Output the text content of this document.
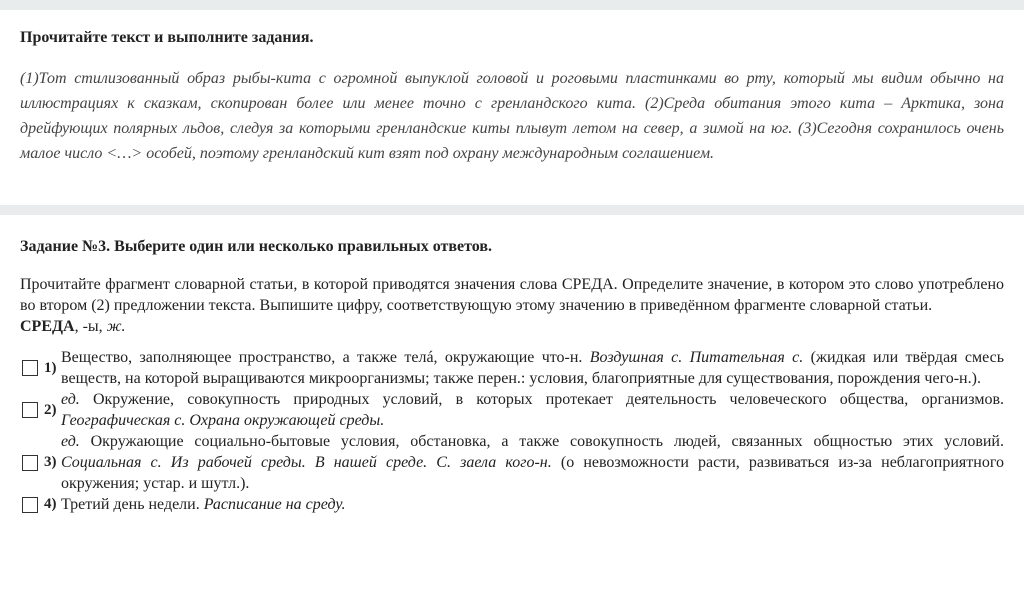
Прочитайте текст и выполните задания.
(1)Тот стилизованный образ рыбы-кита с огромной выпуклой головой и роговыми пластинками во рту, который мы видим обычно на иллюстрациях к сказкам, скопирован более или менее точно с гренландского кита. (2)Среда обитания этого кита – Арктика, зона дрейфующих полярных льдов, следуя за которыми гренландские киты плывут летом на север, а зимой на юг. (3)Сегодня сохранилось очень малое число <…> особей, поэтому гренландский кит взят под охрану международным соглашением.
Задание №3. Выберите один или несколько правильных ответов.
Прочитайте фрагмент словарной статьи, в которой приводятся значения слова СРЕДА. Определите значение, в котором это слово употреблено во втором (2) предложении текста. Выпишите цифру, соответствующую этому значению в приведённом фрагменте словарной статьи.
СРЕДА, -ы, ж.
1)
Вещество, заполняющее пространство, а также телá, окружающие что-н. Воздушная с. Питательная с. (жидкая или твёрдая смесь веществ, на которой выращиваются микроорганизмы; также перен.: условия, благоприятные для существования, порождения чего-н.).
2)
ед. Окружение, совокупность природных условий, в которых протекает деятельность человеческого общества, организмов. Географическая с. Охрана окружающей среды.
3)
ед. Окружающие социально-бытовые условия, обстановка, а также совокупность людей, связанных общностью этих условий. Социальная с. Из рабочей среды. В нашей среде. С. заела кого-н. (о невозможности расти, развиваться из-за неблагоприятного окружения; устар. и шутл.).
4) Третий день недели. Расписание на среду.
